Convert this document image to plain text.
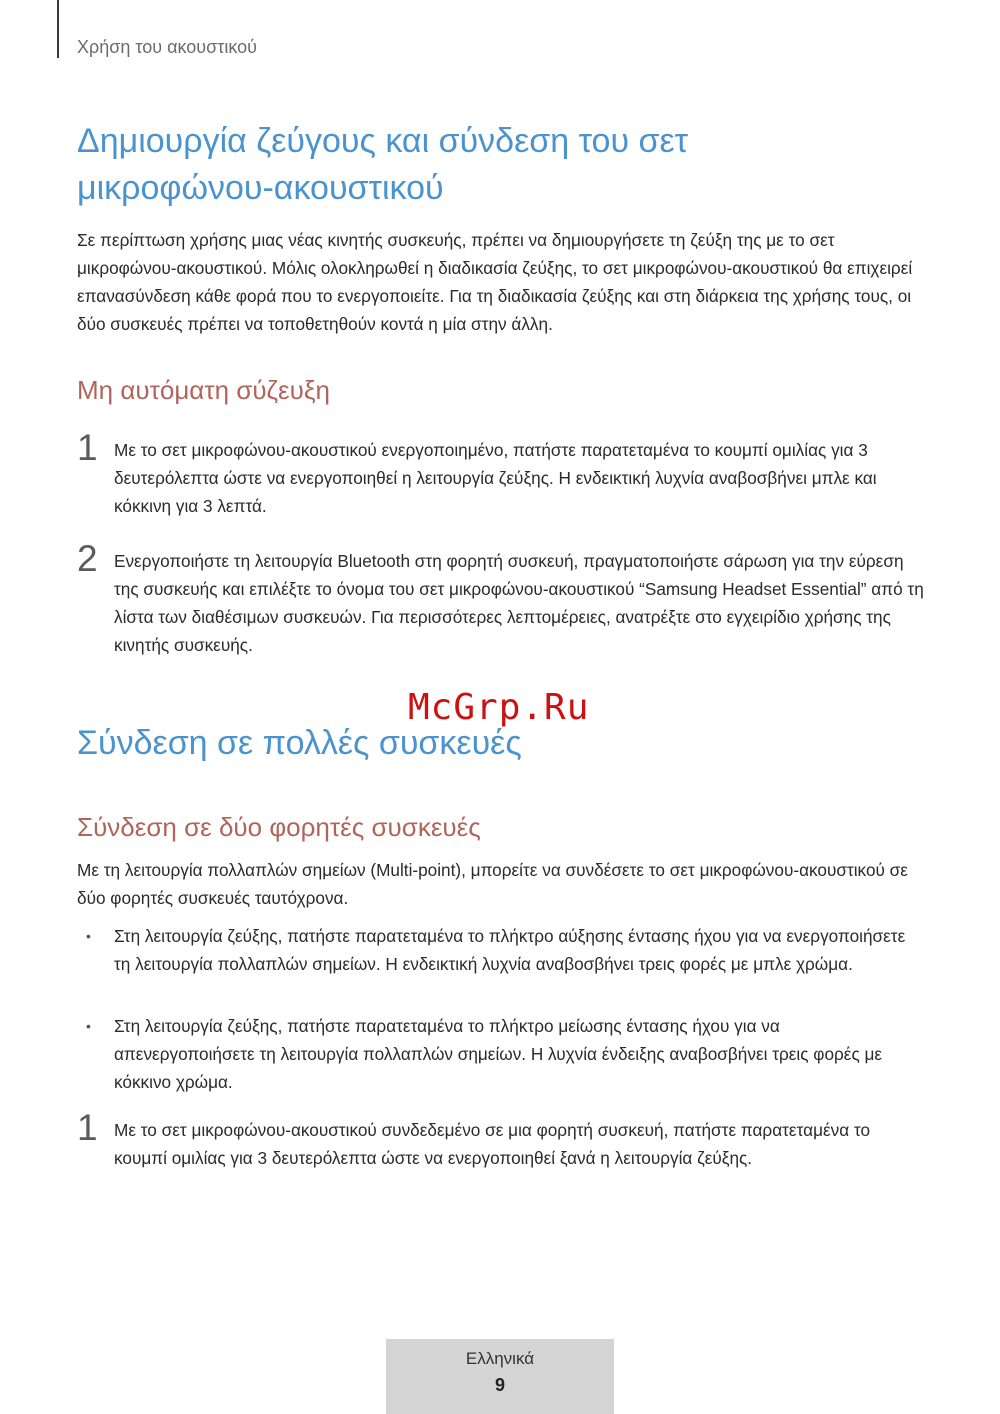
Χρήση του ακουστικού
Δημιουργία ζεύγους και σύνδεση του σετ
μικροφώνου-ακουστικού

Σε περίπτωση χρήσης μιας νέας κινητής συσκευής, πρέπει να δημιουργήσετε τη ζεύξη της με το σετ μικροφώνου-ακουστικού. Μόλις ολοκληρωθεί η διαδικασία ζεύξης, το σετ μικροφώνου-ακουστικού θα επιχειρεί επανασύνδεση κάθε φορά που το ενεργοποιείτε. Για τη διαδικασία ζεύξης και στη διάρκεια της χρήσης τους, οι δύο συσκευές πρέπει να τοποθετηθούν κοντά η μία στην άλλη.

Μη αυτόματη σύζευξη
1 Με το σετ μικροφώνου-ακουστικού ενεργοποιημένο, πατήστε παρατεταμένα το κουμπί ομιλίας για 3 δευτερόλεπτα ώστε να ενεργοποιηθεί η λειτουργία ζεύξης. Η ενδεικτική λυχνία αναβοσβήνει μπλε και κόκκινη για 3 λεπτά.

2 Ενεργοποιήστε τη λειτουργία Bluetooth στη φορητή συσκευή, πραγματοποιήστε σάρωση για την εύρεση της συσκευής και επιλέξτε το όνομα του σετ μικροφώνου-ακουστικού “Samsung Headset Essential” από τη λίστα των διαθέσιμων συσκευών. Για περισσότερες λεπτομέρειες, ανατρέξτε στο εγχειρίδιο χρήσης της κινητής συσκευής.

McGrp.Ru
Σύνδεση σε πολλές συσκευές
Σύνδεση σε δύο φορητές συσκευές

Με τη λειτουργία πολλαπλών σημείων (Multi-point), μπορείτε να συνδέσετε το σετ μικροφώνου-ακουστικού σε δύο φορητές συσκευές ταυτόχρονα.

• Στη λειτουργία ζεύξης, πατήστε παρατεταμένα το πλήκτρο αύξησης έντασης ήχου για να ενεργοποιήσετε τη λειτουργία πολλαπλών σημείων. Η ενδεικτική λυχνία αναβοσβήνει τρεις φορές με μπλε χρώμα.

• Στη λειτουργία ζεύξης, πατήστε παρατεταμένα το πλήκτρο μείωσης έντασης ήχου για να απενεργοποιήσετε τη λειτουργία πολλαπλών σημείων. Η λυχνία ένδειξης αναβοσβήνει τρεις φορές με κόκκινο χρώμα.

1 Με το σετ μικροφώνου-ακουστικού συνδεδεμένο σε μια φορητή συσκευή, πατήστε παρατεταμένα το κουμπί ομιλίας για 3 δευτερόλεπτα ώστε να ενεργοποιηθεί ξανά η λειτουργία ζεύξης.

Ελληνικά
9
